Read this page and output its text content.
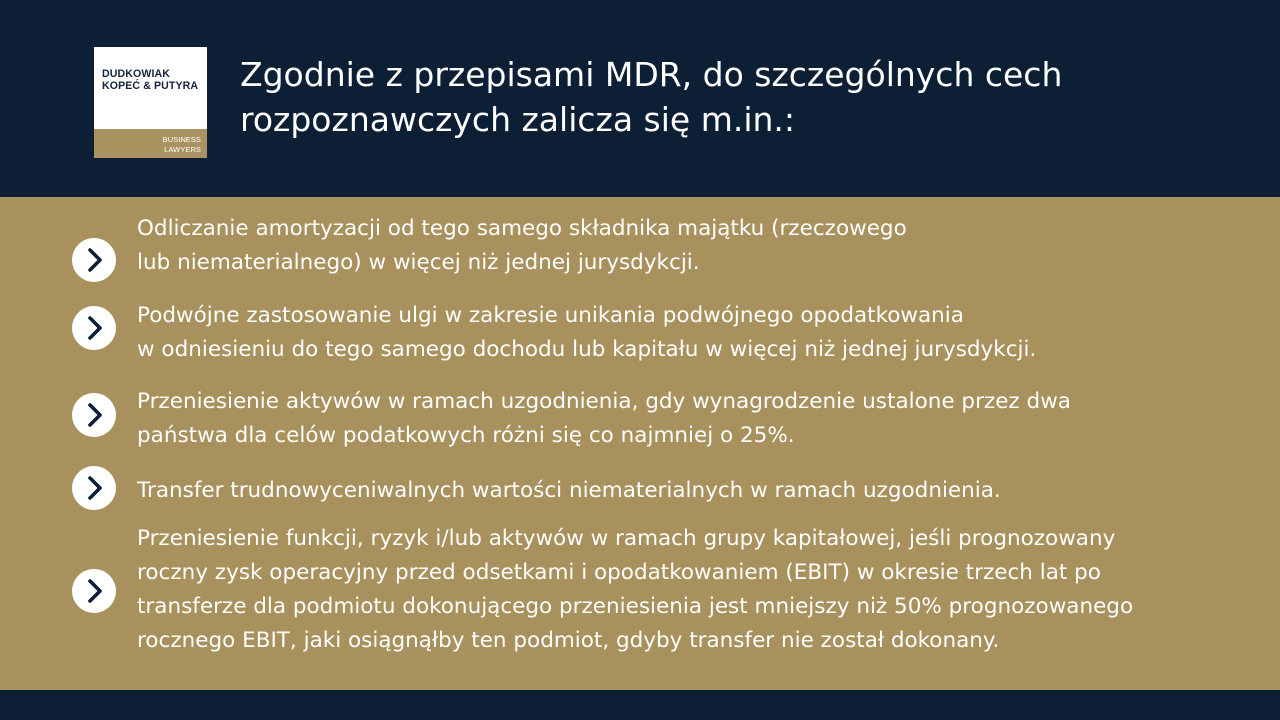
DUDKOWIAK
KOPEĆ & PUTYRA
BUSINESS
LAWYERS
Zgodnie z przepisami MDR, do szczególnych cech
rozpoznawczych zalicza się m.in.:
Odliczanie amortyzacji od tego samego składnika majątku (rzeczowego
lub niematerialnego) w więcej niż jednej jurysdykcji.
Podwójne zastosowanie ulgi w zakresie unikania podwójnego opodatkowania
w odniesieniu do tego samego dochodu lub kapitału w więcej niż jednej jurysdykcji.
Przeniesienie aktywów w ramach uzgodnienia, gdy wynagrodzenie ustalone przez dwa
państwa dla celów podatkowych różni się co najmniej o 25%.
Transfer trudnowyceniwalnych wartości niematerialnych w ramach uzgodnienia.
Przeniesienie funkcji, ryzyk i/lub aktywów w ramach grupy kapitałowej, jeśli prognozowany
roczny zysk operacyjny przed odsetkami i opodatkowaniem (EBIT) w okresie trzech lat po
transferze dla podmiotu dokonującego przeniesienia jest mniejszy niż 50% prognozowanego
rocznego EBIT, jaki osiągnąłby ten podmiot, gdyby transfer nie został dokonany.
